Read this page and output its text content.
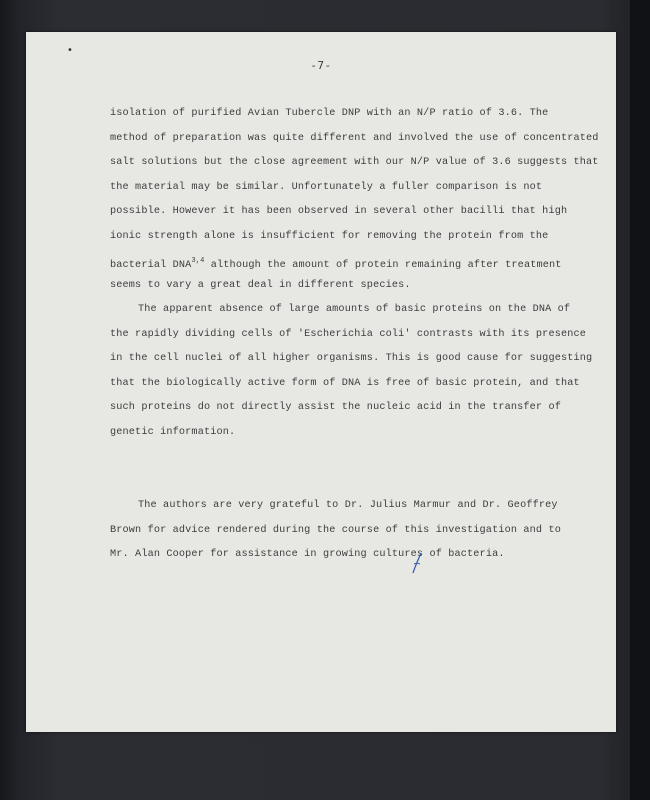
•
-7-
isolation of purified Avian Tubercle DNP with an N/P ratio of 3.6. The
method of preparation was quite different and involved the use of concentrated
salt solutions but the close agreement with our N/P value of 3.6 suggests that
the material may be similar. Unfortunately a fuller comparison is not
possible. However it has been observed in several other bacilli that high
ionic strength alone is insufficient for removing the protein from the
bacterial DNA$^{3,4}$ although the amount of protein remaining after treatment
seems to vary a great deal in different species.
The apparent absence of large amounts of basic proteins on the DNA of
the rapidly dividing cells of 'Escherichia coli' contrasts with its presence
in the cell nuclei of all higher organisms. This is good cause for suggesting
that the biologically active form of DNA is free of basic protein, and that
such proteins do not directly assist the nucleic acid in the transfer of
genetic information.
The authors are very grateful to Dr. Julius Marmur and Dr. Geoffrey
Brown for advice rendered during the course of this investigation and to
Mr. Alan Cooper for assistance in growing culture
s of bacteria.
